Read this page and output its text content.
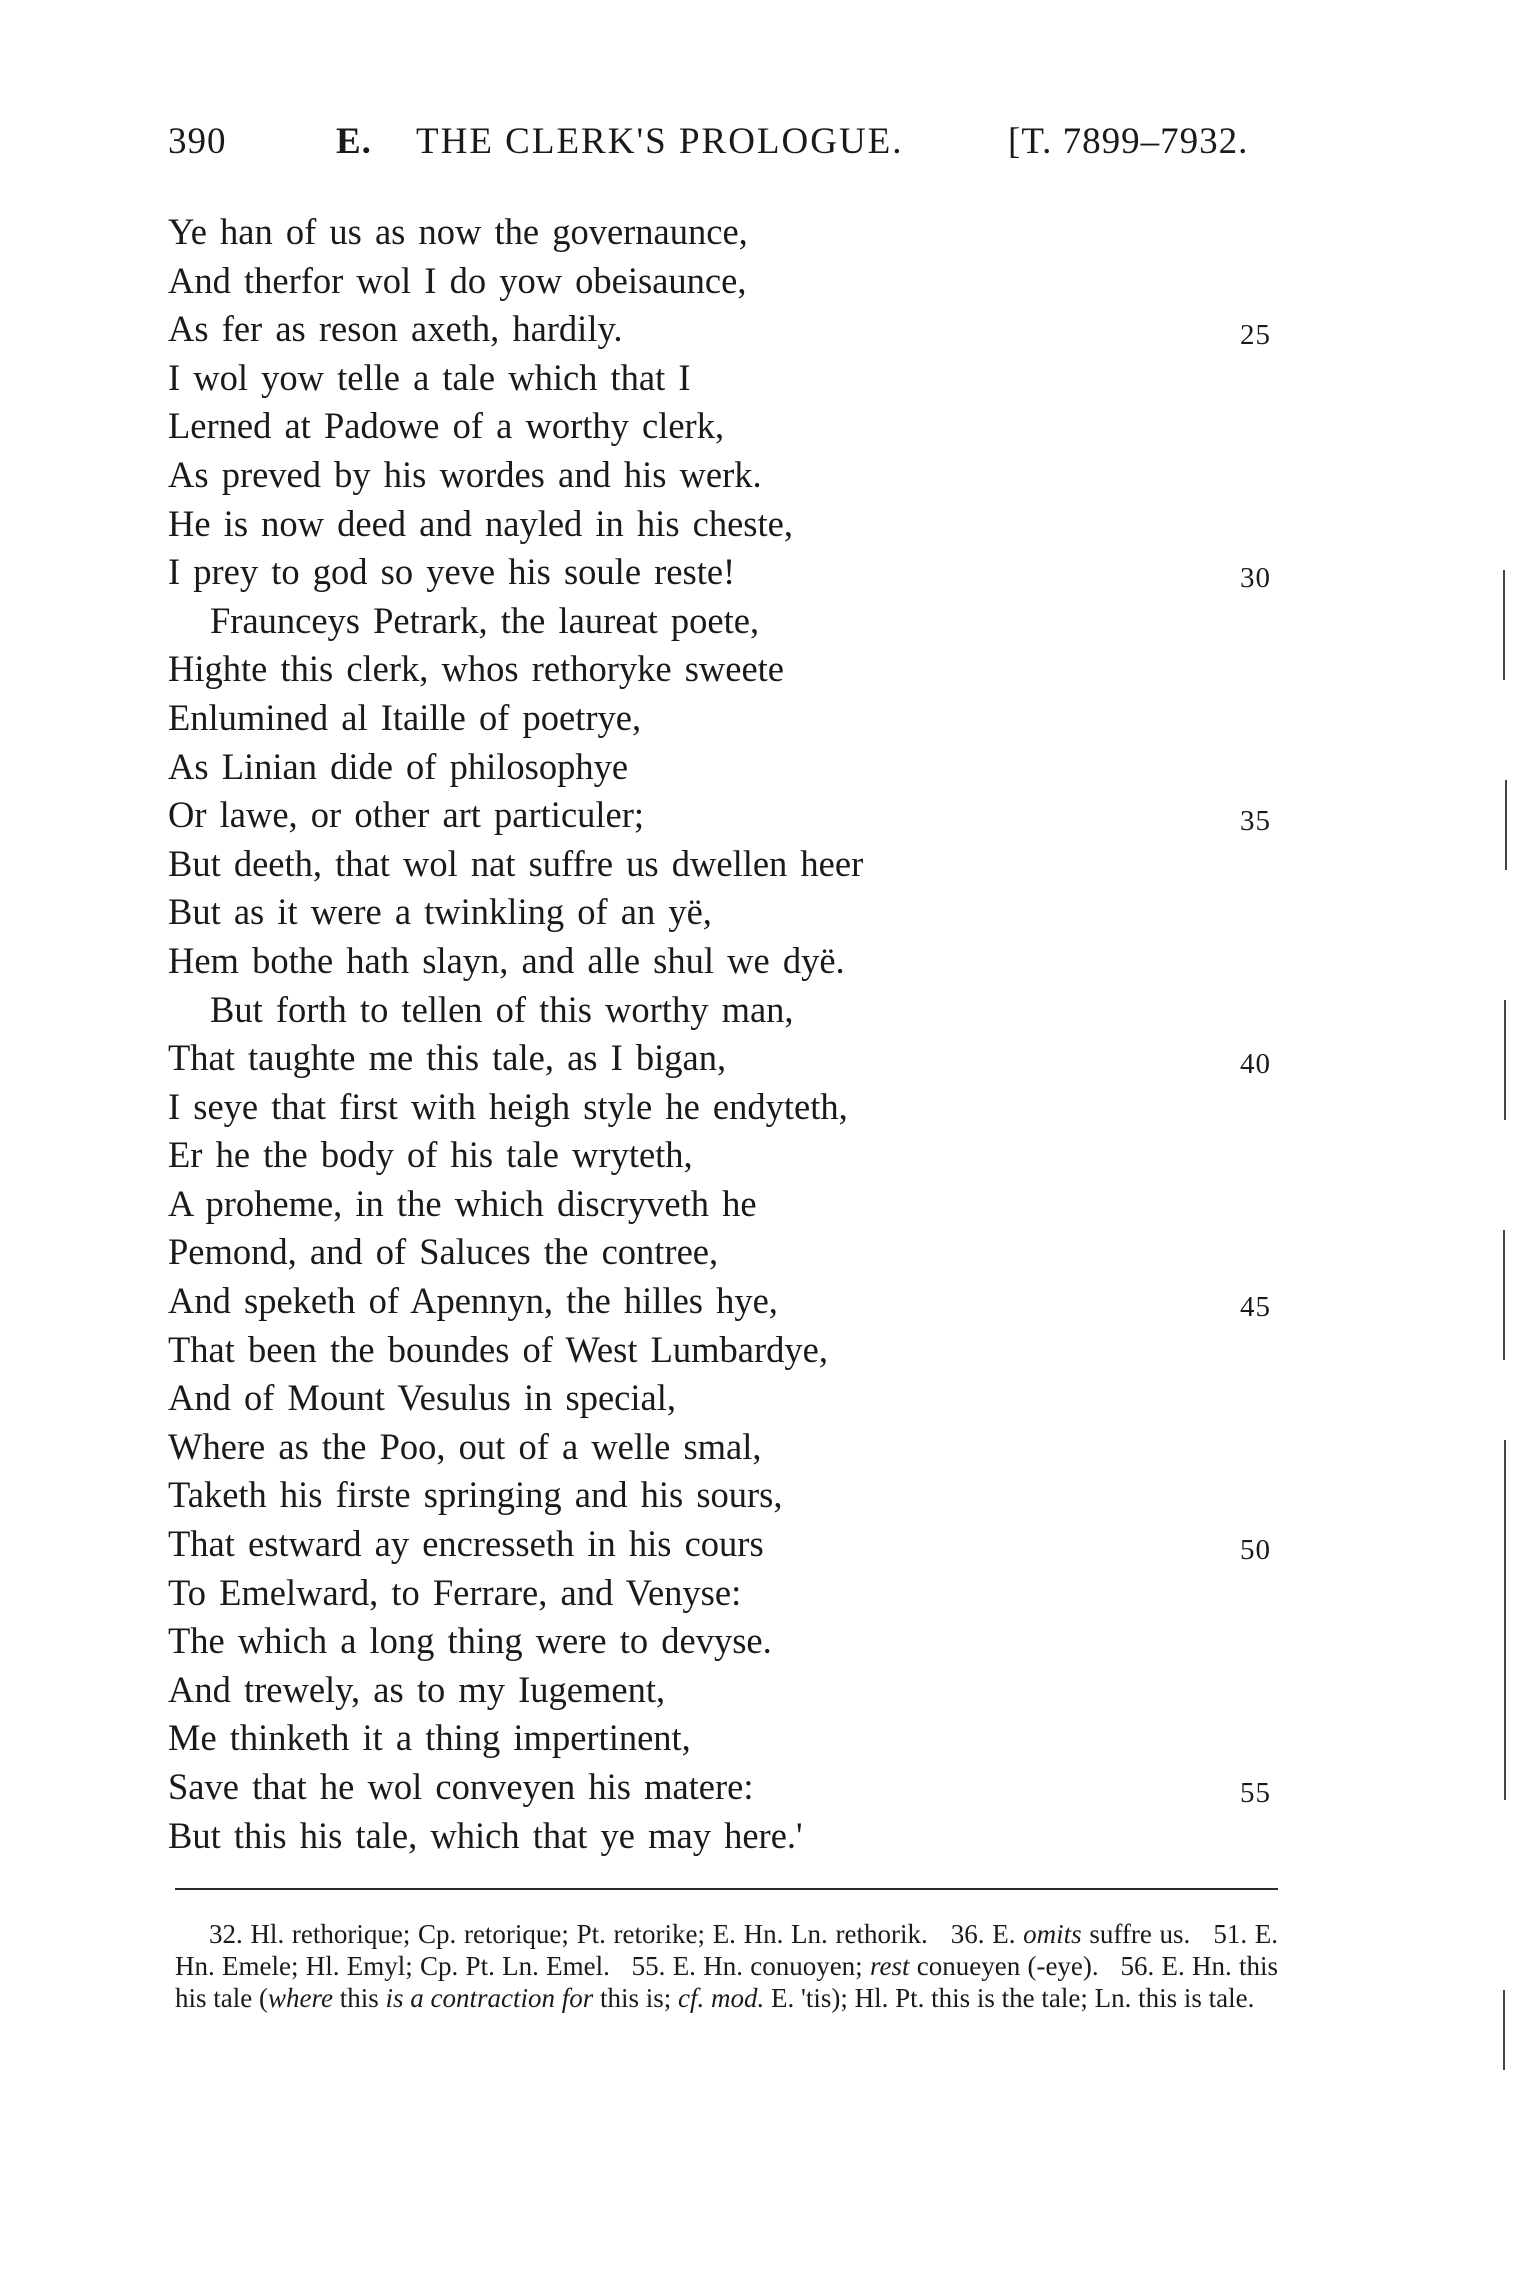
390	E. THE CLERK'S PROLOGUE.	[T. 7899–7932.
Ye han of us as now the governaunce,
And therfor wol I do yow obeisaunce,
As fer as reson axeth, hardily.	25
I wol yow telle a tale which that I
Lerned at Padowe of a worthy clerk,
As preved by his wordes and his werk.
He is now deed and nayled in his cheste,
I prey to god so yeve his soule reste!	30
Fraunceys Petrark, the laureat poete,
Highte this clerk, whos rethoryke sweete
Enlumined al Itaille of poetrye,
As Linian dide of philosophye
Or lawe, or other art particuler;	35
But deeth, that wol nat suffre us dwellen heer
But as it were a twinkling of an yë,
Hem bothe hath slayn, and alle shul we dyë.
But forth to tellen of this worthy man,
That taughte me this tale, as I bigan,	40
I seye that first with heigh style he endyteth,
Er he the body of his tale wryteth,
A proheme, in the which discryveth he
Pemond, and of Saluces the contree,
And speketh of Apennyn, the hilles hye,	45
That been the boundes of West Lumbardye,
And of Mount Vesulus in special,
Where as the Poo, out of a welle smal,
Taketh his firste springing and his sours,
That estward ay encresseth in his cours	50
To Emelward, to Ferrare, and Venyse:
The which a long thing were to devyse.
And trewely, as to my Iugement,
Me thinketh it a thing impertinent,
Save that he wol conveyen his matere:	55
But this his tale, which that ye may here.'

32. Hl. rethorique; Cp. retorique; Pt. retorike; E. Hn. Ln. rethorik. 36. E. omits suffre us. 51. E. Hn. Emele; Hl. Emyl; Cp. Pt. Ln. Emel. 55. E. Hn. conuoyen; rest conueyen (-eye). 56. E. Hn. this his tale (where this is a contraction for this is; cf. mod. E. 'tis); Hl. Pt. this is the tale; Ln. this is tale.
